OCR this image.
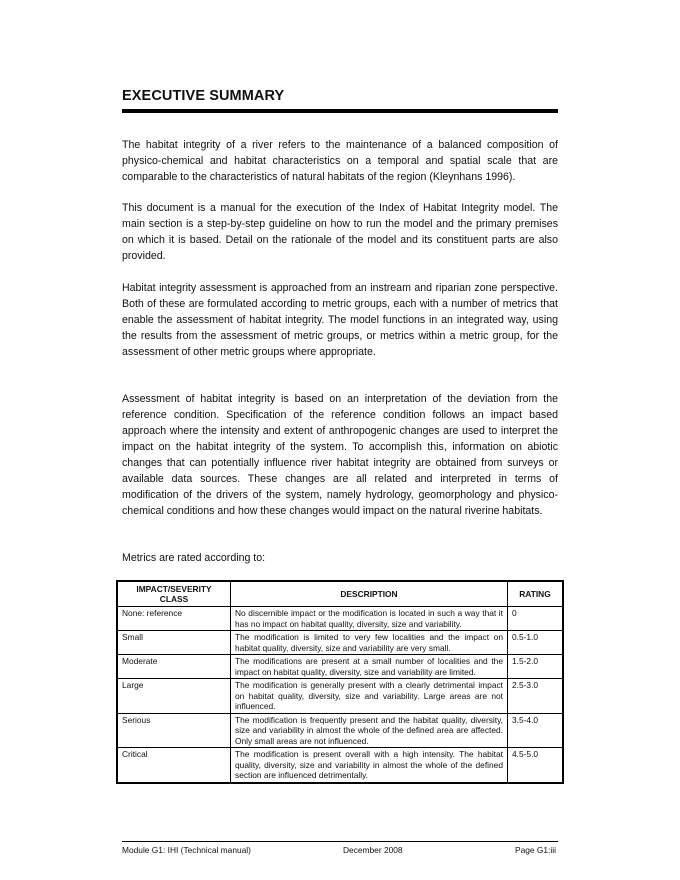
EXECUTIVE SUMMARY

The habitat integrity of a river refers to the maintenance of a balanced composition of physico-chemical and habitat characteristics on a temporal and spatial scale that are comparable to the characteristics of natural habitats of the region (Kleynhans 1996).

This document is a manual for the execution of the Index of Habitat Integrity model. The main section is a step-by-step guideline on how to run the model and the primary premises on which it is based. Detail on the rationale of the model and its constituent parts are also provided.

Habitat integrity assessment is approached from an instream and riparian zone perspective. Both of these are formulated according to metric groups, each with a number of metrics that enable the assessment of habitat integrity. The model functions in an integrated way, using the results from the assessment of metric groups, or metrics within a metric group, for the assessment of other metric groups where appropriate.

Assessment of habitat integrity is based on an interpretation of the deviation from the reference condition. Specification of the reference condition follows an impact based approach where the intensity and extent of anthropogenic changes are used to interpret the impact on the habitat integrity of the system. To accomplish this, information on abiotic changes that can potentially influence river habitat integrity are obtained from surveys or available data sources. These changes are all related and interpreted in terms of modification of the drivers of the system, namely hydrology, geomorphology and physico-chemical conditions and how these changes would impact on the natural riverine habitats.

Metrics are rated according to:

IMPACT/SEVERITY CLASS	DESCRIPTION	RATING
None: reference	No discernible impact or the modification is located in such a way that it has no impact on habitat quality, diversity, size and variability.	0
Small	The modification is limited to very few localities and the impact on habitat quality, diversity, size and variability are very small.	0.5-1.0
Moderate	The modifications are present at a small number of localities and the impact on habitat quality, diversity, size and variability are limited.	1.5-2.0
Large	The modification is generally present with a clearly detrimental impact on habitat quality, diversity, size and variability. Large areas are not influenced.	2.5-3.0
Serious	The modification is frequently present and the habitat quality, diversity, size and variability in almost the whole of the defined area are affected. Only small areas are not influenced.	3.5-4.0
Critical	The modification is present overall with a high intensity. The habitat quality, diversity, size and variability in almost the whole of the defined section are influenced detrimentally.	4.5-5.0
Module G1: IHI (Technical manual)	December 2008	Page G1:iii
